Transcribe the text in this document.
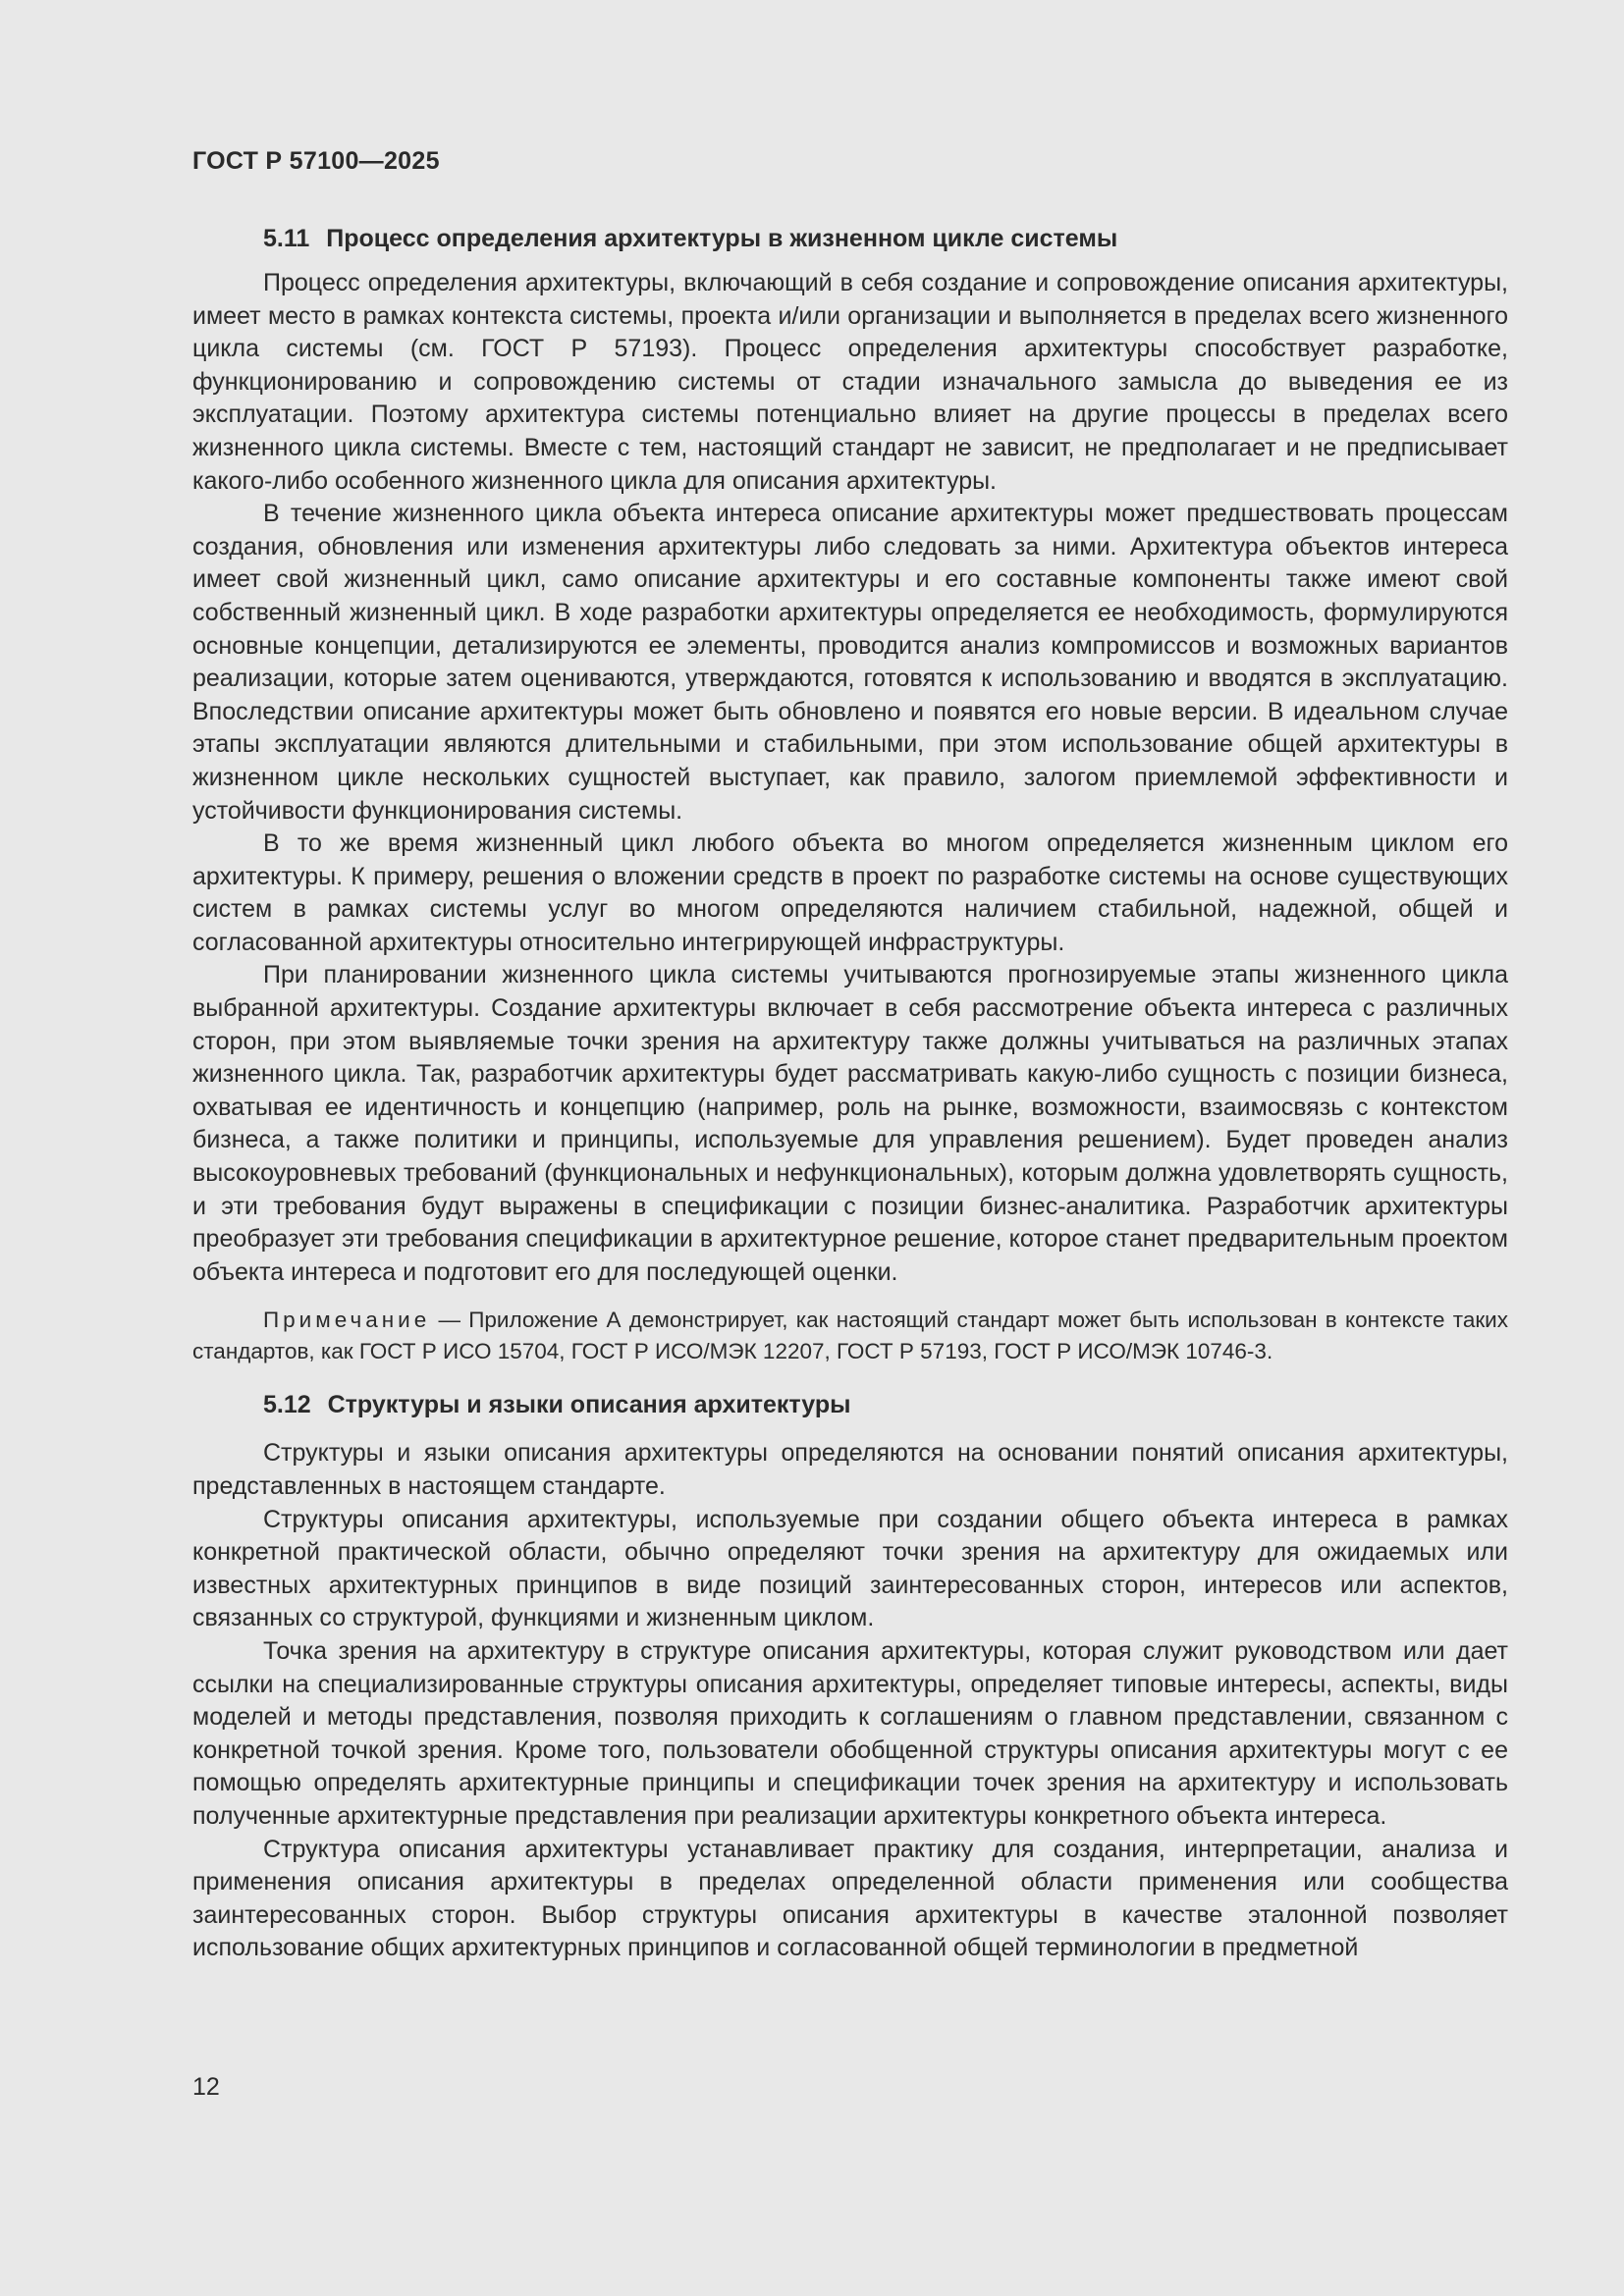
ГОСТ Р 57100—2025
5.11 Процесс определения архитектуры в жизненном цикле системы

Процесс определения архитектуры, включающий в себя создание и сопровождение описания архитектуры, имеет место в рамках контекста системы, проекта и/или организации и выполняется в пределах всего жизненного цикла системы (см. ГОСТ Р 57193). Процесс определения архитектуры способствует разработке, функционированию и сопровождению системы от стадии изначального замысла до выведения ее из эксплуатации. Поэтому архитектура системы потенциально влияет на другие процессы в пределах всего жизненного цикла системы. Вместе с тем, настоящий стандарт не зависит, не предполагает и не предписывает какого-либо особенного жизненного цикла для описания архитектуры.

В течение жизненного цикла объекта интереса описание архитектуры может предшествовать процессам создания, обновления или изменения архитектуры либо следовать за ними. Архитектура объектов интереса имеет свой жизненный цикл, само описание архитектуры и его составные компоненты также имеют свой собственный жизненный цикл. В ходе разработки архитектуры определяется ее необходимость, формулируются основные концепции, детализируются ее элементы, проводится анализ компромиссов и возможных вариантов реализации, которые затем оцениваются, утверждаются, готовятся к использованию и вводятся в эксплуатацию. Впоследствии описание архитектуры может быть обновлено и появятся его новые версии. В идеальном случае этапы эксплуатации являются длительными и стабильными, при этом использование общей архитектуры в жизненном цикле нескольких сущностей выступает, как правило, залогом приемлемой эффективности и устойчивости функционирования системы.

В то же время жизненный цикл любого объекта во многом определяется жизненным циклом его архитектуры. К примеру, решения о вложении средств в проект по разработке системы на основе существующих систем в рамках системы услуг во многом определяются наличием стабильной, надежной, общей и согласованной архитектуры относительно интегрирующей инфраструктуры.

При планировании жизненного цикла системы учитываются прогнозируемые этапы жизненного цикла выбранной архитектуры. Создание архитектуры включает в себя рассмотрение объекта интереса с различных сторон, при этом выявляемые точки зрения на архитектуру также должны учитываться на различных этапах жизненного цикла. Так, разработчик архитектуры будет рассматривать какую-либо сущность с позиции бизнеса, охватывая ее идентичность и концепцию (например, роль на рынке, возможности, взаимосвязь с контекстом бизнеса, а также политики и принципы, используемые для управления решением). Будет проведен анализ высокоуровневых требований (функциональных и нефункциональных), которым должна удовлетворять сущность, и эти требования будут выражены в спецификации с позиции бизнес-аналитика. Разработчик архитектуры преобразует эти требования спецификации в архитектурное решение, которое станет предварительным проектом объекта интереса и подготовит его для последующей оценки.

Примечание — Приложение А демонстрирует, как настоящий стандарт может быть использован в контексте таких стандартов, как ГОСТ Р ИСО 15704, ГОСТ Р ИСО/МЭК 12207, ГОСТ Р 57193, ГОСТ Р ИСО/МЭК 10746-3.

5.12 Структуры и языки описания архитектуры

Структуры и языки описания архитектуры определяются на основании понятий описания архитектуры, представленных в настоящем стандарте.

Структуры описания архитектуры, используемые при создании общего объекта интереса в рамках конкретной практической области, обычно определяют точки зрения на архитектуру для ожидаемых или известных архитектурных принципов в виде позиций заинтересованных сторон, интересов или аспектов, связанных со структурой, функциями и жизненным циклом.

Точка зрения на архитектуру в структуре описания архитектуры, которая служит руководством или дает ссылки на специализированные структуры описания архитектуры, определяет типовые интересы, аспекты, виды моделей и методы представления, позволяя приходить к соглашениям о главном представлении, связанном с конкретной точкой зрения. Кроме того, пользователи обобщенной структуры описания архитектуры могут с ее помощью определять архитектурные принципы и спецификации точек зрения на архитектуру и использовать полученные архитектурные представления при реализации архитектуры конкретного объекта интереса.

Структура описания архитектуры устанавливает практику для создания, интерпретации, анализа и применения описания архитектуры в пределах определенной области применения или сообщества заинтересованных сторон. Выбор структуры описания архитектуры в качестве эталонной позволяет использование общих архитектурных принципов и согласованной общей терминологии в предметной

12
